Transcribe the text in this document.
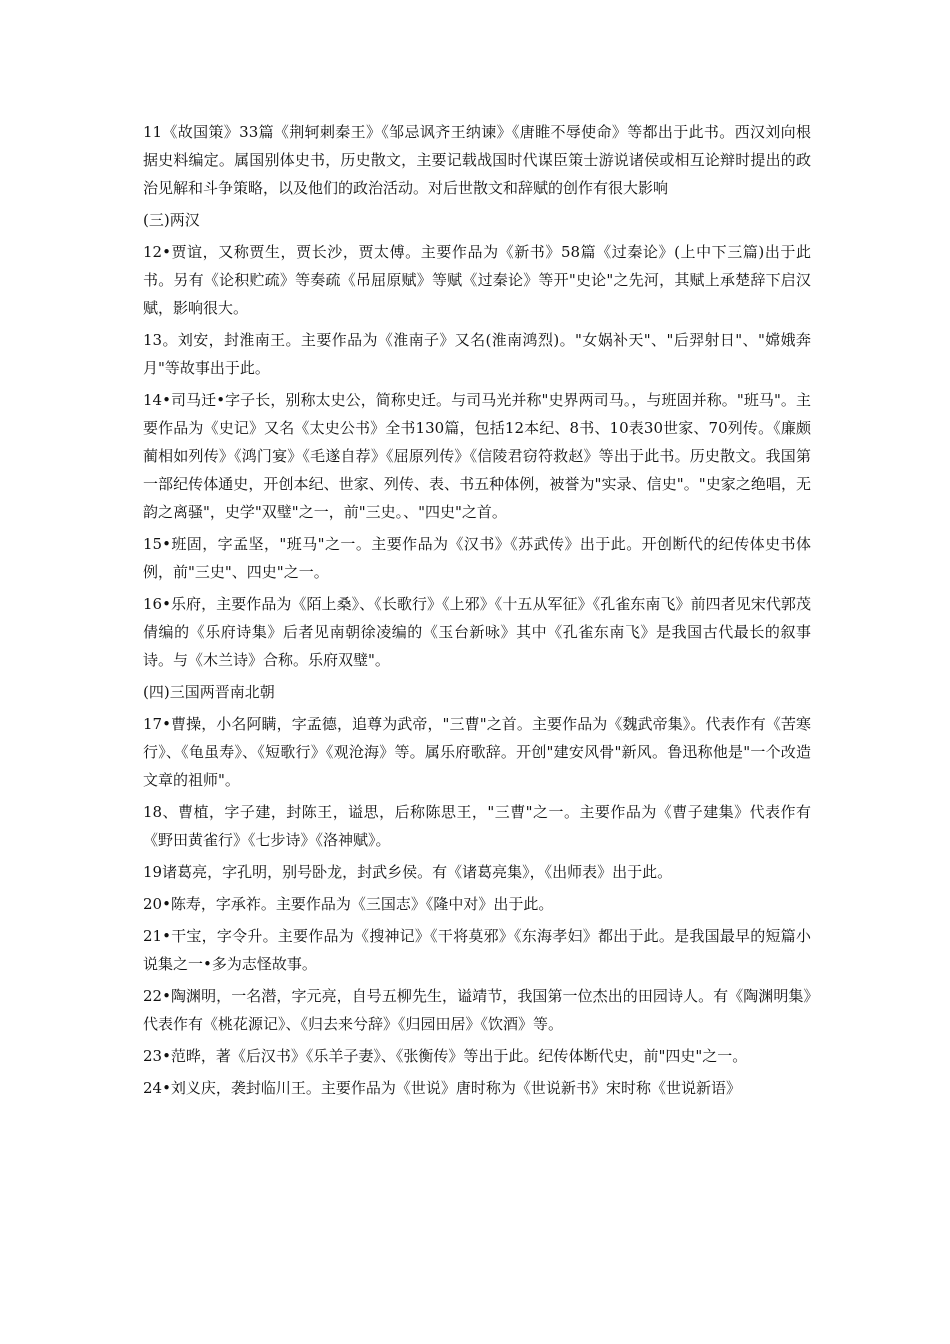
11《故国策》33篇《荆轲刺秦王》《邹忌讽齐王纳谏》《唐睢不辱使命》等都出于此书。西汉刘向根据史料编定。属国别体史书，历史散文，主要记载战国时代谋臣策士游说诸侯或相互论辩时提出的政治见解和斗争策略，以及他们的政治活动。对后世散文和辞赋的创作有很大影响

(三)两汉

12•贾谊，又称贾生，贾长沙，贾太傅。主要作品为《新书》58篇《过秦论》(上中下三篇)出于此书。另有《论积贮疏》等奏疏《吊屈原赋》等赋《过秦论》等开"史论"之先河，其赋上承楚辞下启汉赋，影响很大。

13。刘安，封淮南王。主要作品为《淮南子》又名(淮南鸿烈)。"女娲补天"、"后羿射日"、"嫦娥奔月"等故事出于此。

14•司马迁•字子长，别称太史公，简称史迁。与司马光并称"史界两司马。，与班固并称。"班马"。主要作品为《史记》又名《太史公书》全书130篇，包括12本纪、8书、10表30世家、70列传。《廉颇蔺相如列传》《鸿门宴》《毛遂自荐》《屈原列传》《信陵君窃符救赵》等出于此书。历史散文。我国第一部纪传体通史，开创本纪、世家、列传、表、书五种体例，被誉为"实录、信史"。"史家之绝唱，无韵之离骚"，史学"双璧"之一，前"三史。、"四史"之首。

15•班固，字孟坚，"班马"之一。主要作品为《汉书》《苏武传》出于此。开创断代的纪传体史书体例，前"三史"、四史"之一。

16•乐府，主要作品为《陌上桑》、《长歌行》《上邪》《十五从军征》《孔雀东南飞》前四者见宋代郭茂倩编的《乐府诗集》后者见南朝徐凌编的《玉台新咏》其中《孔雀东南飞》是我国古代最长的叙事诗。与《木兰诗》合称。乐府双璧"。

(四)三国两晋南北朝

17•曹操，小名阿瞒，字孟德，追尊为武帝，"三曹"之首。主要作品为《魏武帝集》。代表作有《苦寒行》、《龟虽寿》、《短歌行》《观沧海》等。属乐府歌辞。开创"建安风骨"新风。鲁迅称他是"一个改造文章的祖师"。

18、曹植，字子建，封陈王，谥思，后称陈思王，"三曹"之一。主要作品为《曹子建集》代表作有《野田黄雀行》《七步诗》《洛神赋》。

19诸葛亮，字孔明，别号卧龙，封武乡侯。有《诸葛亮集》，《出师表》出于此。

20•陈寿，字承祚。主要作品为《三国志》《隆中对》出于此。

21•干宝，字令升。主要作品为《搜神记》《干将莫邪》《东海孝妇》都出于此。是我国最早的短篇小说集之一•多为志怪故事。

22•陶渊明，一名潜，字元亮，自号五柳先生，谥靖节，我国第一位杰出的田园诗人。有《陶渊明集》代表作有《桃花源记》、《归去来兮辞》《归园田居》《饮酒》等。

23•范晔，著《后汉书》《乐羊子妻》、《张衡传》等出于此。纪传体断代史，前"四史"之一。

24•刘义庆，袭封临川王。主要作品为《世说》唐时称为《世说新书》宋时称《世说新语》
